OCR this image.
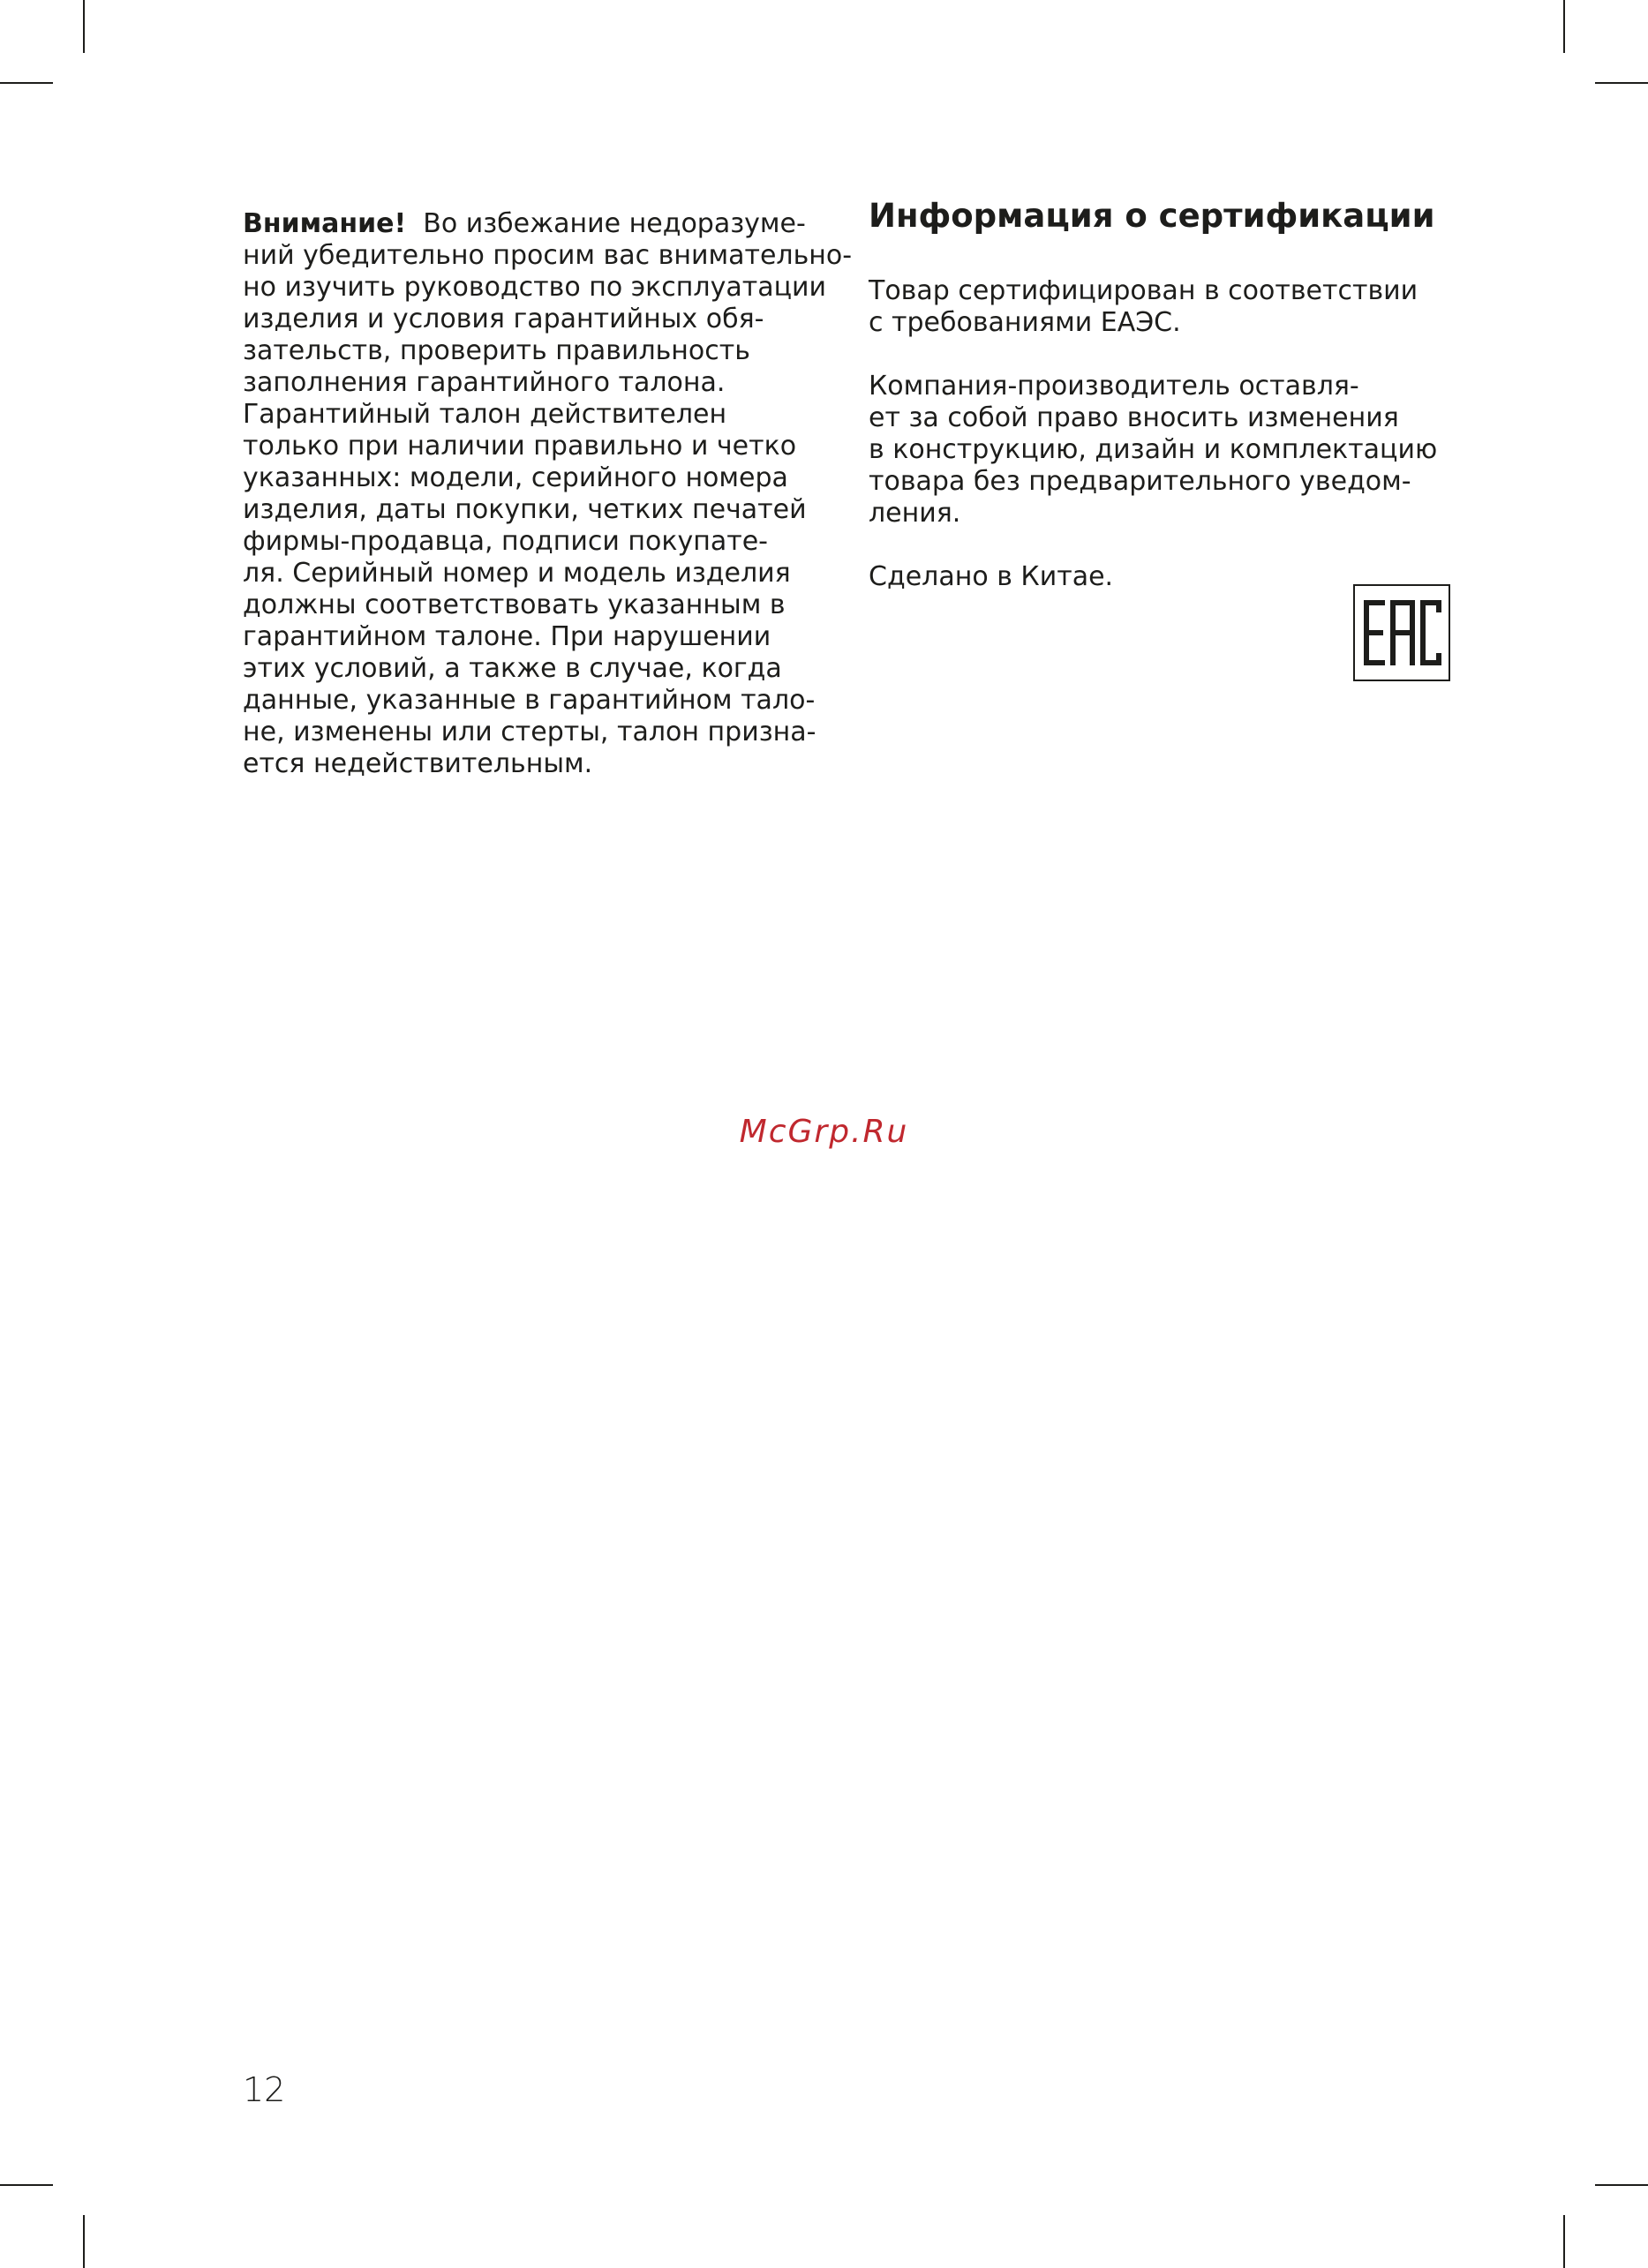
Внимание! Во избежание недоразуме-
ний убедительно просим вас внимательно-
но изучить руководство по эксплуатации
изделия и условия гарантийных обя-
зательств, проверить правильность
заполнения гарантийного талона.
Гарантийный талон действителен
только при наличии правильно и четко
указанных: модели, серийного номера
изделия, даты покупки, четких печатей
фирмы-продавца, подписи покупате-
ля. Серийный номер и модель изделия
должны соответствовать указанным в
гарантийном талоне. При нарушении
этих условий, а также в случае, когда
данные, указанные в гарантийном тало-
не, изменены или стерты, талон призна-
ется недействительным.

Информация о сертификации

Товар сертифицирован в соответствии
с требованиями ЕАЭС.

Компания-производитель оставля-
ет за собой право вносить изменения
в конструкцию, дизайн и комплектацию
товара без предварительного уведом-
ления.

Сделано в Китае.

McGrp.Ru
12
